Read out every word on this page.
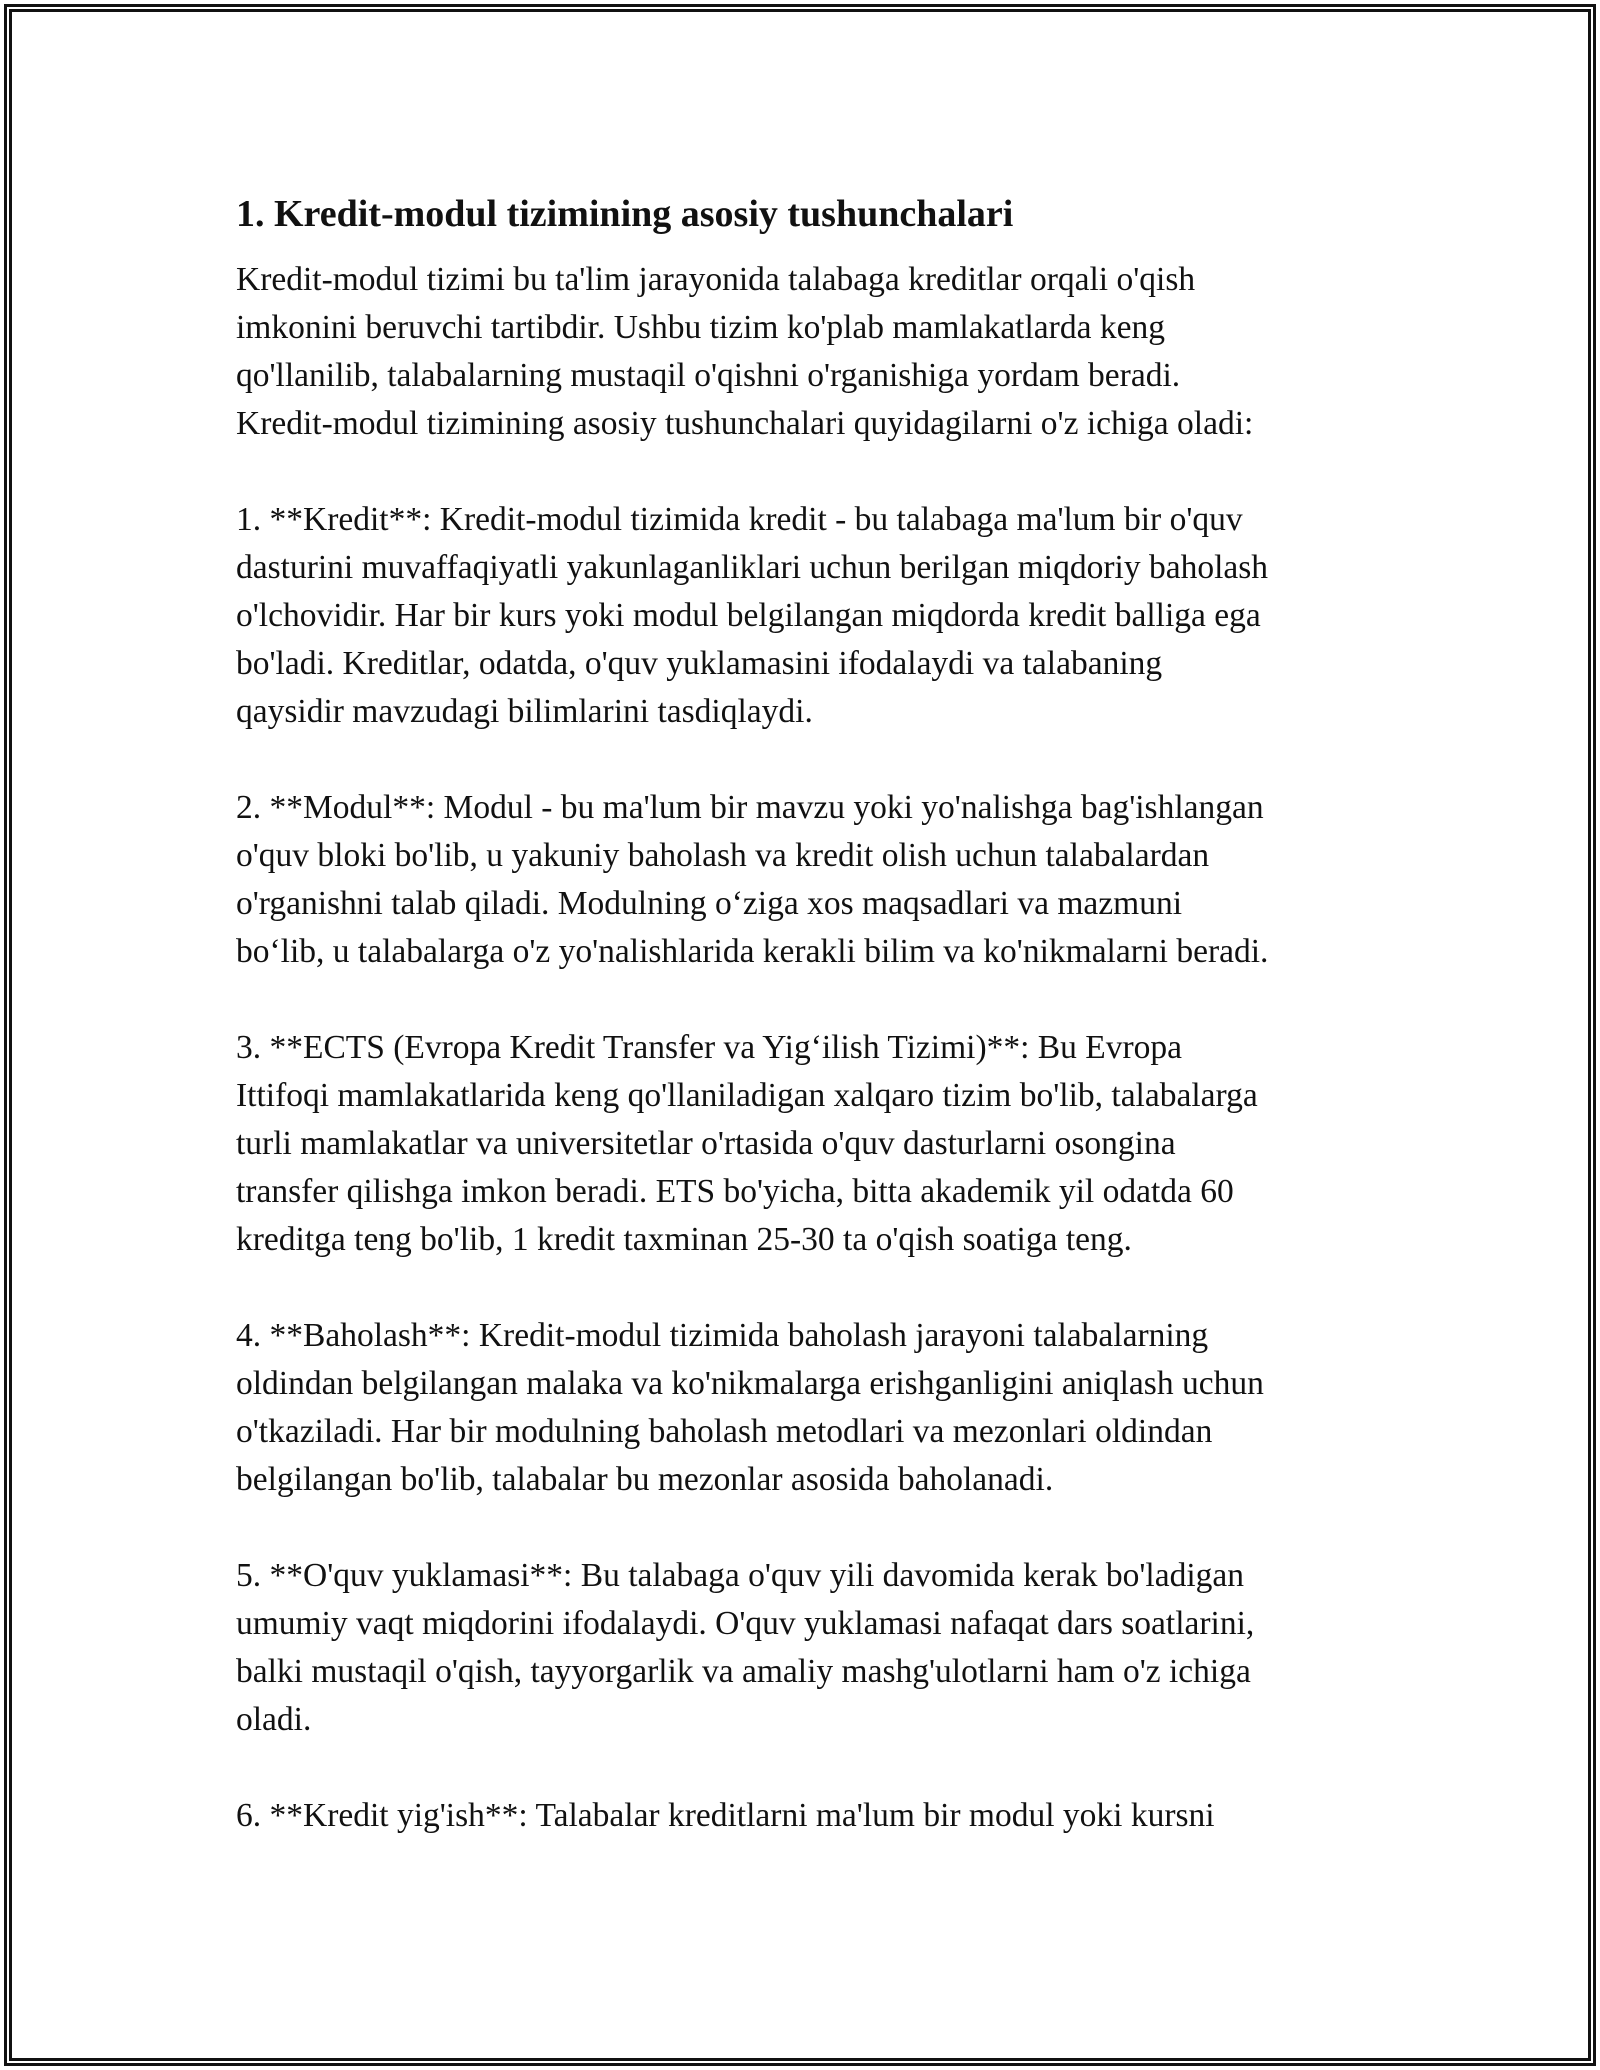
1. Kredit-modul tizimining asosiy tushunchalari

Kredit-modul tizimi bu ta'lim jarayonida talabaga kreditlar orqali o'qish
imkonini beruvchi tartibdir. Ushbu tizim ko'plab mamlakatlarda keng
qo'llanilib, talabalarning mustaqil o'qishni o'rganishiga yordam beradi.
Kredit-modul tizimining asosiy tushunchalari quyidagilarni o'z ichiga oladi:

1. **Kredit**: Kredit-modul tizimida kredit - bu talabaga ma'lum bir o'quv
dasturini muvaffaqiyatli yakunlaganliklari uchun berilgan miqdoriy baholash
o'lchovidir. Har bir kurs yoki modul belgilangan miqdorda kredit balliga ega
bo'ladi. Kreditlar, odatda, o'quv yuklamasini ifodalaydi va talabaning
qaysidir mavzudagi bilimlarini tasdiqlaydi.

2. **Modul**: Modul - bu ma'lum bir mavzu yoki yo'nalishga bag'ishlangan
o'quv bloki bo'lib, u yakuniy baholash va kredit olish uchun talabalardan
o'rganishni talab qiladi. Modulning o‘ziga xos maqsadlari va mazmuni
bo‘lib, u talabalarga o'z yo'nalishlarida kerakli bilim va ko'nikmalarni beradi.

3. **ECTS (Evropa Kredit Transfer va Yig‘ilish Tizimi)**: Bu Evropa
Ittifoqi mamlakatlarida keng qo'llaniladigan xalqaro tizim bo'lib, talabalarga
turli mamlakatlar va universitetlar o'rtasida o'quv dasturlarni osongina
transfer qilishga imkon beradi. ETS bo'yicha, bitta akademik yil odatda 60
kreditga teng bo'lib, 1 kredit taxminan 25-30 ta o'qish soatiga teng.

4. **Baholash**: Kredit-modul tizimida baholash jarayoni talabalarning
oldindan belgilangan malaka va ko'nikmalarga erishganligini aniqlash uchun
o'tkaziladi. Har bir modulning baholash metodlari va mezonlari oldindan
belgilangan bo'lib, talabalar bu mezonlar asosida baholanadi.

5. **O'quv yuklamasi**: Bu talabaga o'quv yili davomida kerak bo'ladigan
umumiy vaqt miqdorini ifodalaydi. O'quv yuklamasi nafaqat dars soatlarini,
balki mustaqil o'qish, tayyorgarlik va amaliy mashg'ulotlarni ham o'z ichiga
oladi.

6. **Kredit yig'ish**: Talabalar kreditlarni ma'lum bir modul yoki kursni
